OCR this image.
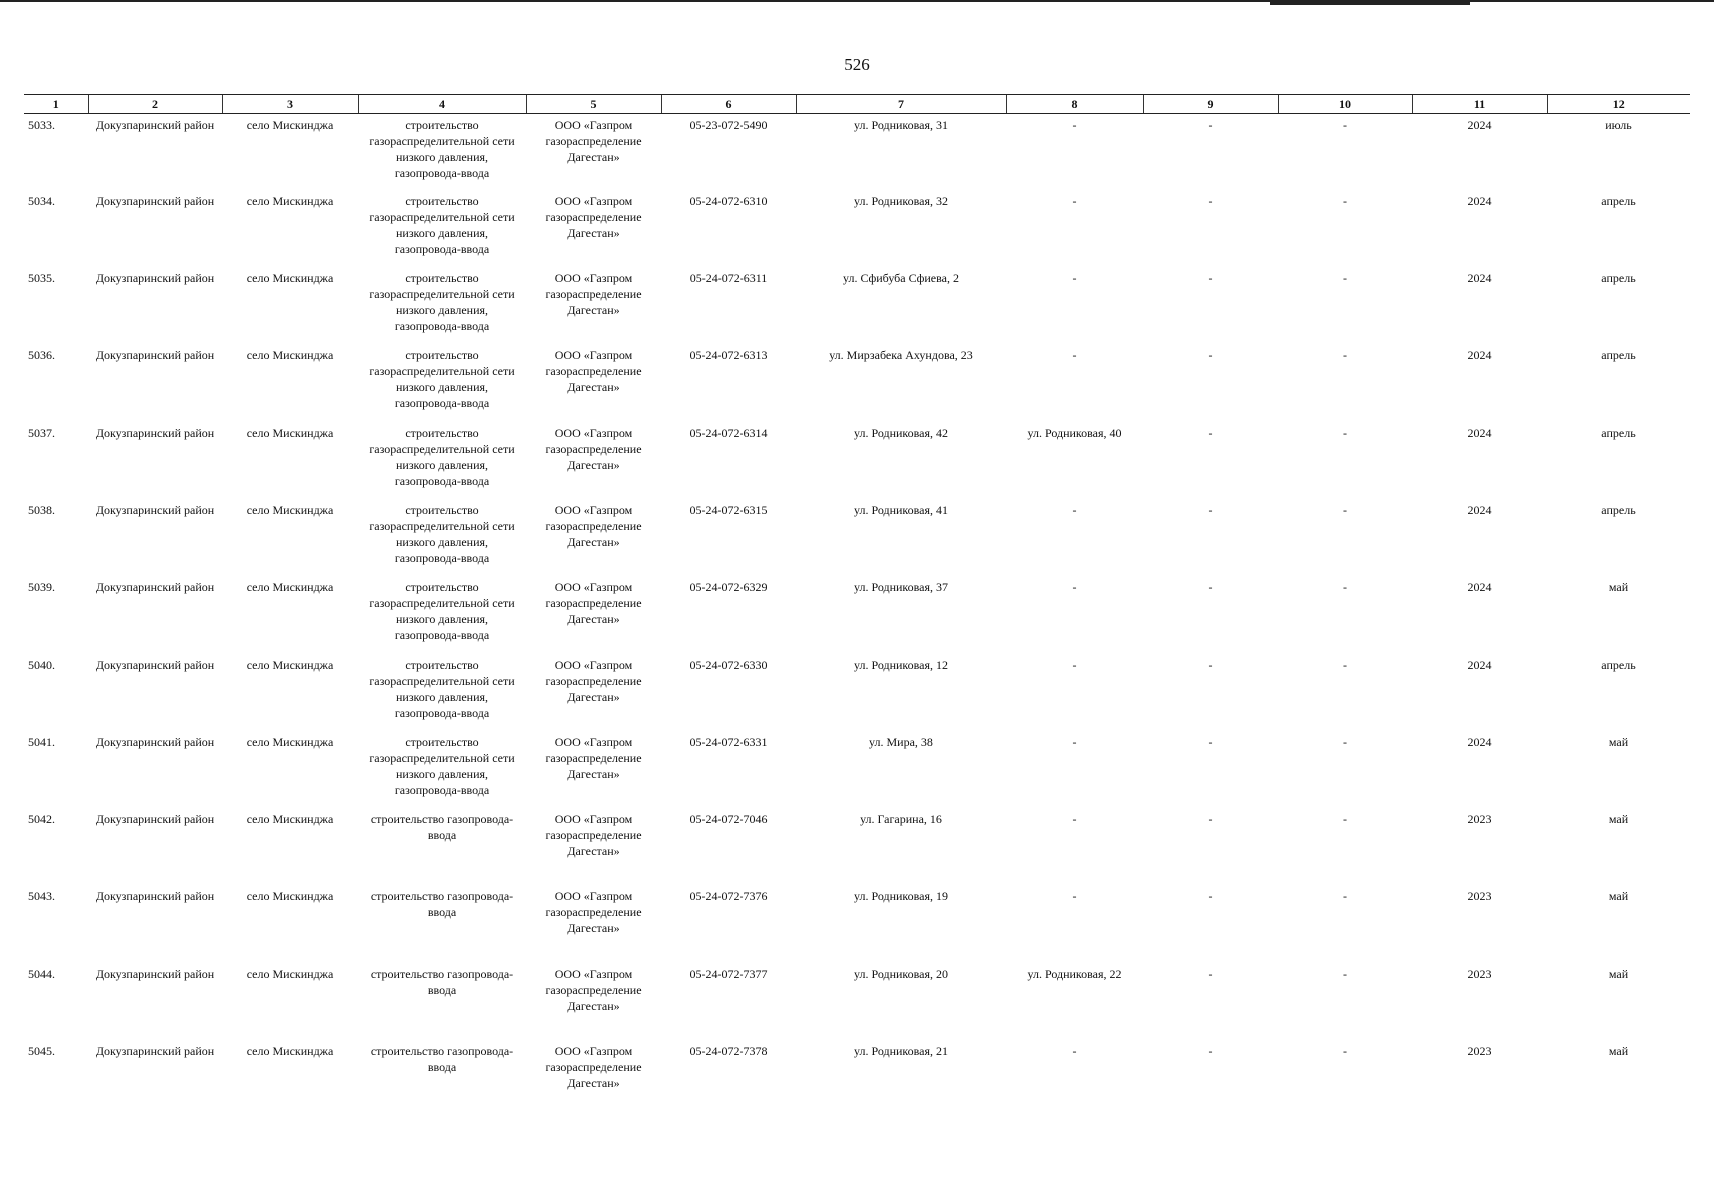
526
1	2	3	4	5	6	7	8	9	10	11	12
5033.	Докузпаринский район	село Мискинджа	строительство газораспределительной сети низкого давления, газопровода-ввода	ООО «Газпром газораспределение Дагестан»	05-23-072-5490	ул. Родниковая, 31	-	-	-	2024	июль
5034.	Докузпаринский район	село Мискинджа	строительство газораспределительной сети низкого давления, газопровода-ввода	ООО «Газпром газораспределение Дагестан»	05-24-072-6310	ул. Родниковая, 32	-	-	-	2024	апрель
5035.	Докузпаринский район	село Мискинджа	строительство газораспределительной сети низкого давления, газопровода-ввода	ООО «Газпром газораспределение Дагестан»	05-24-072-6311	ул. Сфибуба Сфиева, 2	-	-	-	2024	апрель
5036.	Докузпаринский район	село Мискинджа	строительство газораспределительной сети низкого давления, газопровода-ввода	ООО «Газпром газораспределение Дагестан»	05-24-072-6313	ул. Мирзабека Ахундова, 23	-	-	-	2024	апрель
5037.	Докузпаринский район	село Мискинджа	строительство газораспределительной сети низкого давления, газопровода-ввода	ООО «Газпром газораспределение Дагестан»	05-24-072-6314	ул. Родниковая, 42	ул. Родниковая, 40	-	-	2024	апрель
5038.	Докузпаринский район	село Мискинджа	строительство газораспределительной сети низкого давления, газопровода-ввода	ООО «Газпром газораспределение Дагестан»	05-24-072-6315	ул. Родниковая, 41	-	-	-	2024	апрель
5039.	Докузпаринский район	село Мискинджа	строительство газораспределительной сети низкого давления, газопровода-ввода	ООО «Газпром газораспределение Дагестан»	05-24-072-6329	ул. Родниковая, 37	-	-	-	2024	май
5040.	Докузпаринский район	село Мискинджа	строительство газораспределительной сети низкого давления, газопровода-ввода	ООО «Газпром газораспределение Дагестан»	05-24-072-6330	ул. Родниковая, 12	-	-	-	2024	апрель
5041.	Докузпаринский район	село Мискинджа	строительство газораспределительной сети низкого давления, газопровода-ввода	ООО «Газпром газораспределение Дагестан»	05-24-072-6331	ул. Мира, 38	-	-	-	2024	май
5042.	Докузпаринский район	село Мискинджа	строительство газопровода-ввода	ООО «Газпром газораспределение Дагестан»	05-24-072-7046	ул. Гагарина, 16	-	-	-	2023	май
5043.	Докузпаринский район	село Мискинджа	строительство газопровода-ввода	ООО «Газпром газораспределение Дагестан»	05-24-072-7376	ул. Родниковая, 19	-	-	-	2023	май
5044.	Докузпаринский район	село Мискинджа	строительство газопровода-ввода	ООО «Газпром газораспределение Дагестан»	05-24-072-7377	ул. Родниковая, 20	ул. Родниковая, 22	-	-	2023	май
5045.	Докузпаринский район	село Мискинджа	строительство газопровода-ввода	ООО «Газпром газораспределение Дагестан»	05-24-072-7378	ул. Родниковая, 21	-	-	-	2023	май
